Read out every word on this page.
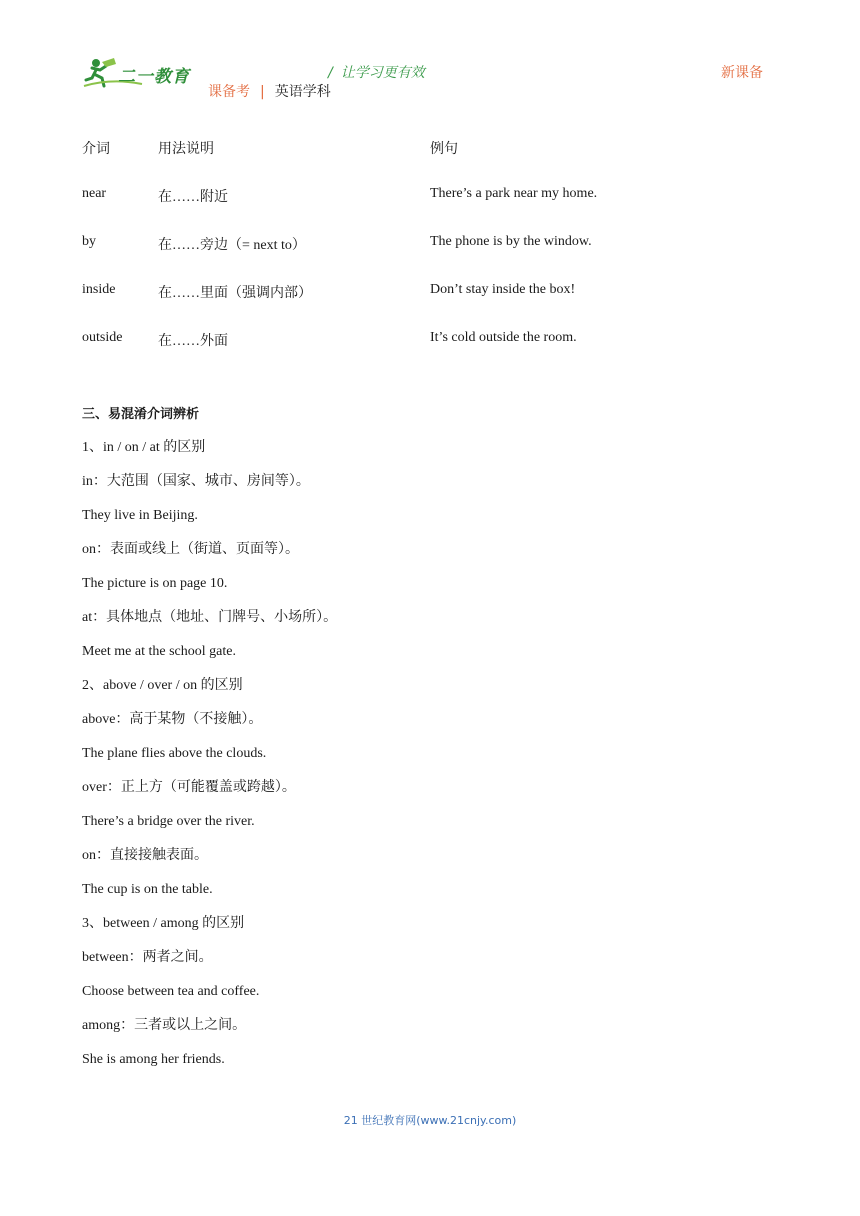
二一教育	/ 让学习更有效	新课备
课备考 | 英语学科
介词	用法说明	例句
near	在……附近	There’s a park near my home.
by	在……旁边（= next to）	The phone is by the window.
inside	在……里面（强调内部）	Don’t stay inside the box!
outside	在……外面	It’s cold outside the room.
三、易混淆介词辨析
1、in / on / at 的区别
in：大范围（国家、城市、房间等）。
They live in Beijing.
on：表面或线上（街道、页面等）。
The picture is on page 10.
at：具体地点（地址、门牌号、小场所）。
Meet me at the school gate.
2、above / over / on 的区别
above：高于某物（不接触）。
The plane flies above the clouds.
over：正上方（可能覆盖或跨越）。
There’s a bridge over the river.
on：直接接触表面。
The cup is on the table.
3、between / among 的区别
between：两者之间。
Choose between tea and coffee.
among：三者或以上之间。
She is among her friends.
21 世纪教育网(www.21cnjy.com)
